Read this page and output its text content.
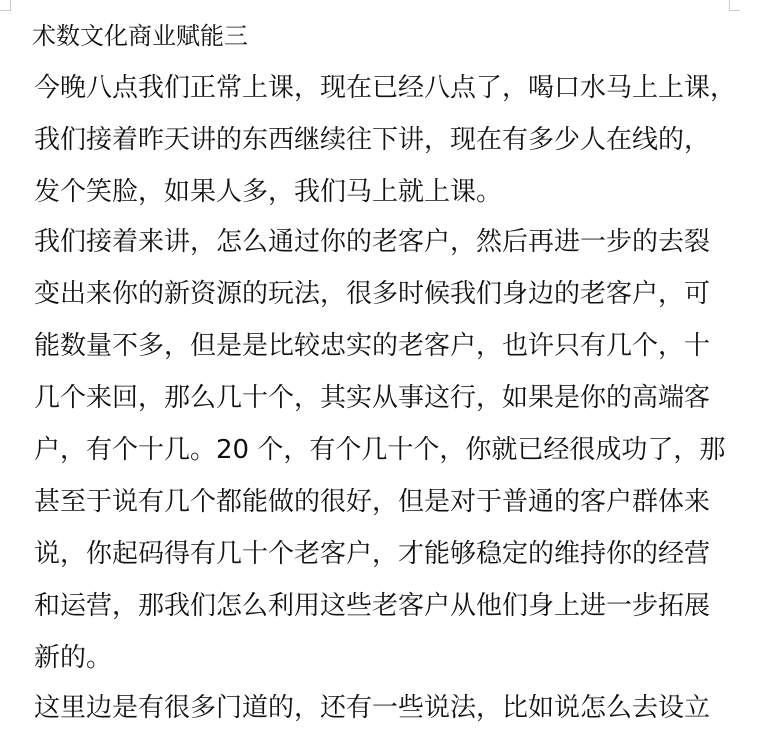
术数文化商业赋能三

今晚八点我们正常上课，现在已经八点了，喝口水马上上课，

我们接着昨天讲的东西继续往下讲，现在有多少人在线的，

发个笑脸，如果人多，我们马上就上课。

我们接着来讲，怎么通过你的老客户，然后再进一步的去裂

变出来你的新资源的玩法，很多时候我们身边的老客户，可

能数量不多，但是是比较忠实的老客户，也许只有几个，十

几个来回，那么几十个，其实从事这行，如果是你的高端客

户，有个十几。20 个，有个几十个，你就已经很成功了，那

甚至于说有几个都能做的很好，但是对于普通的客户群体来

说，你起码得有几十个老客户，才能够稳定的维持你的经营

和运营，那我们怎么利用这些老客户从他们身上进一步拓展

新的。

这里边是有很多门道的，还有一些说法，比如说怎么去设立
